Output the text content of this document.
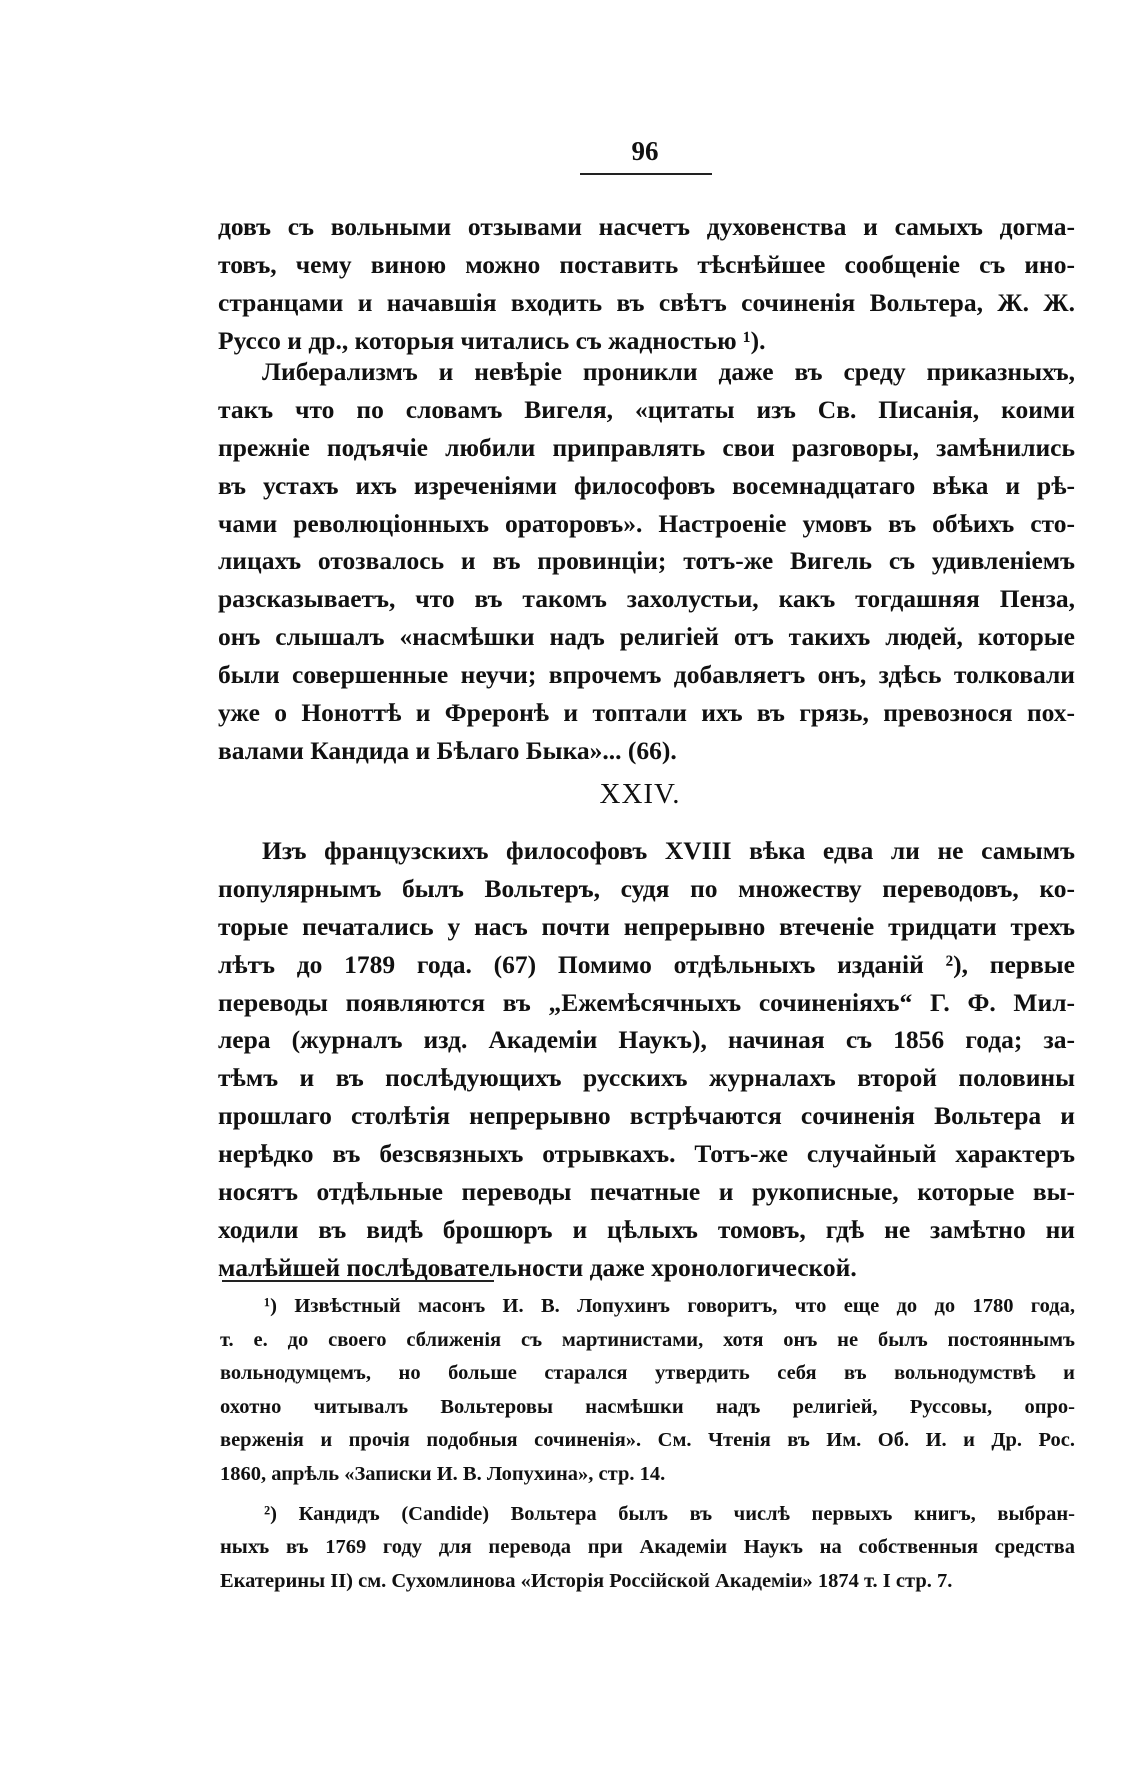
96
довъ съ вольными отзывами насчетъ духовенства и самыхъ догма-
товъ, чему виною можно поставить тѣснѣйшее сообщеніе съ ино-
странцами и начавшія входить въ свѣтъ сочиненія Вольтера, Ж. Ж.
Руссо и др., которыя читались съ жадностью ¹).
Либерализмъ и невѣріе проникли даже въ среду приказныхъ,
такъ что по словамъ Вигеля, «цитаты изъ Св. Писанія, коими
прежніе подъячіе любили приправлять свои разговоры, замѣнились
въ устахъ ихъ изреченіями философовъ восемнадцатаго вѣка и рѣ-
чами революціонныхъ ораторовъ». Настроеніе умовъ въ обѣихъ сто-
лицахъ отозвалось и въ провинціи; тотъ-же Вигель съ удивленіемъ
разсказываетъ, что въ такомъ захолустьи, какъ тогдашняя Пенза,
онъ слышалъ «насмѣшки надъ религіей отъ такихъ людей, которые
были совершенные неучи; впрочемъ добавляетъ онъ, здѣсь толковали
уже о Ноноттѣ и Фреронѣ и топтали ихъ въ грязь, превознося пох-
валами Кандида и Бѣлаго Быка»... (66).
XXIV.
Изъ французскихъ философовъ XVIII вѣка едва ли не самымъ
популярнымъ былъ Вольтеръ, судя по множеству переводовъ, ко-
торые печатались у насъ почти непрерывно втеченіе тридцати трехъ
лѣтъ до 1789 года. (67) Помимо отдѣльныхъ изданій ²), первые
переводы появляются въ „Ежемѣсячныхъ сочиненіяхъ“ Г. Ф. Мил-
лера (журналъ изд. Академіи Наукъ), начиная съ 1856 года; за-
тѣмъ и въ послѣдующихъ русскихъ журналахъ второй половины
прошлаго столѣтія непрерывно встрѣчаются сочиненія Вольтера и
нерѣдко въ безсвязныхъ отрывкахъ. Тотъ-же случайный характеръ
носятъ отдѣльные переводы печатные и рукописные, которые вы-
ходили въ видѣ брошюръ и цѣлыхъ томовъ, гдѣ не замѣтно ни
малѣйшей послѣдовательности даже хронологической.
¹) Извѣстный масонъ И. В. Лопухинъ говоритъ, что еще до до 1780 года,
т. е. до своего сближенія съ мартинистами, хотя онъ не былъ постояннымъ
вольнодумцемъ, но больше старался утвердить себя въ вольнодумствѣ и
охотно читывалъ Вольтеровы насмѣшки надъ религіей, Руссовы, опро-
верженія и прочія подобныя сочиненія». См. Чтенія въ Им. Об. И. и Др. Рос.
1860, апрѣль «Записки И. В. Лопухина», стр. 14.
²) Кандидъ (Candide) Вольтера былъ въ числѣ первыхъ книгъ, выбран-
ныхъ въ 1769 году для перевода при Академіи Наукъ на собственныя средства
Екатерины II) см. Сухомлинова «Исторія Россійской Академіи» 1874 т. I стр. 7.
